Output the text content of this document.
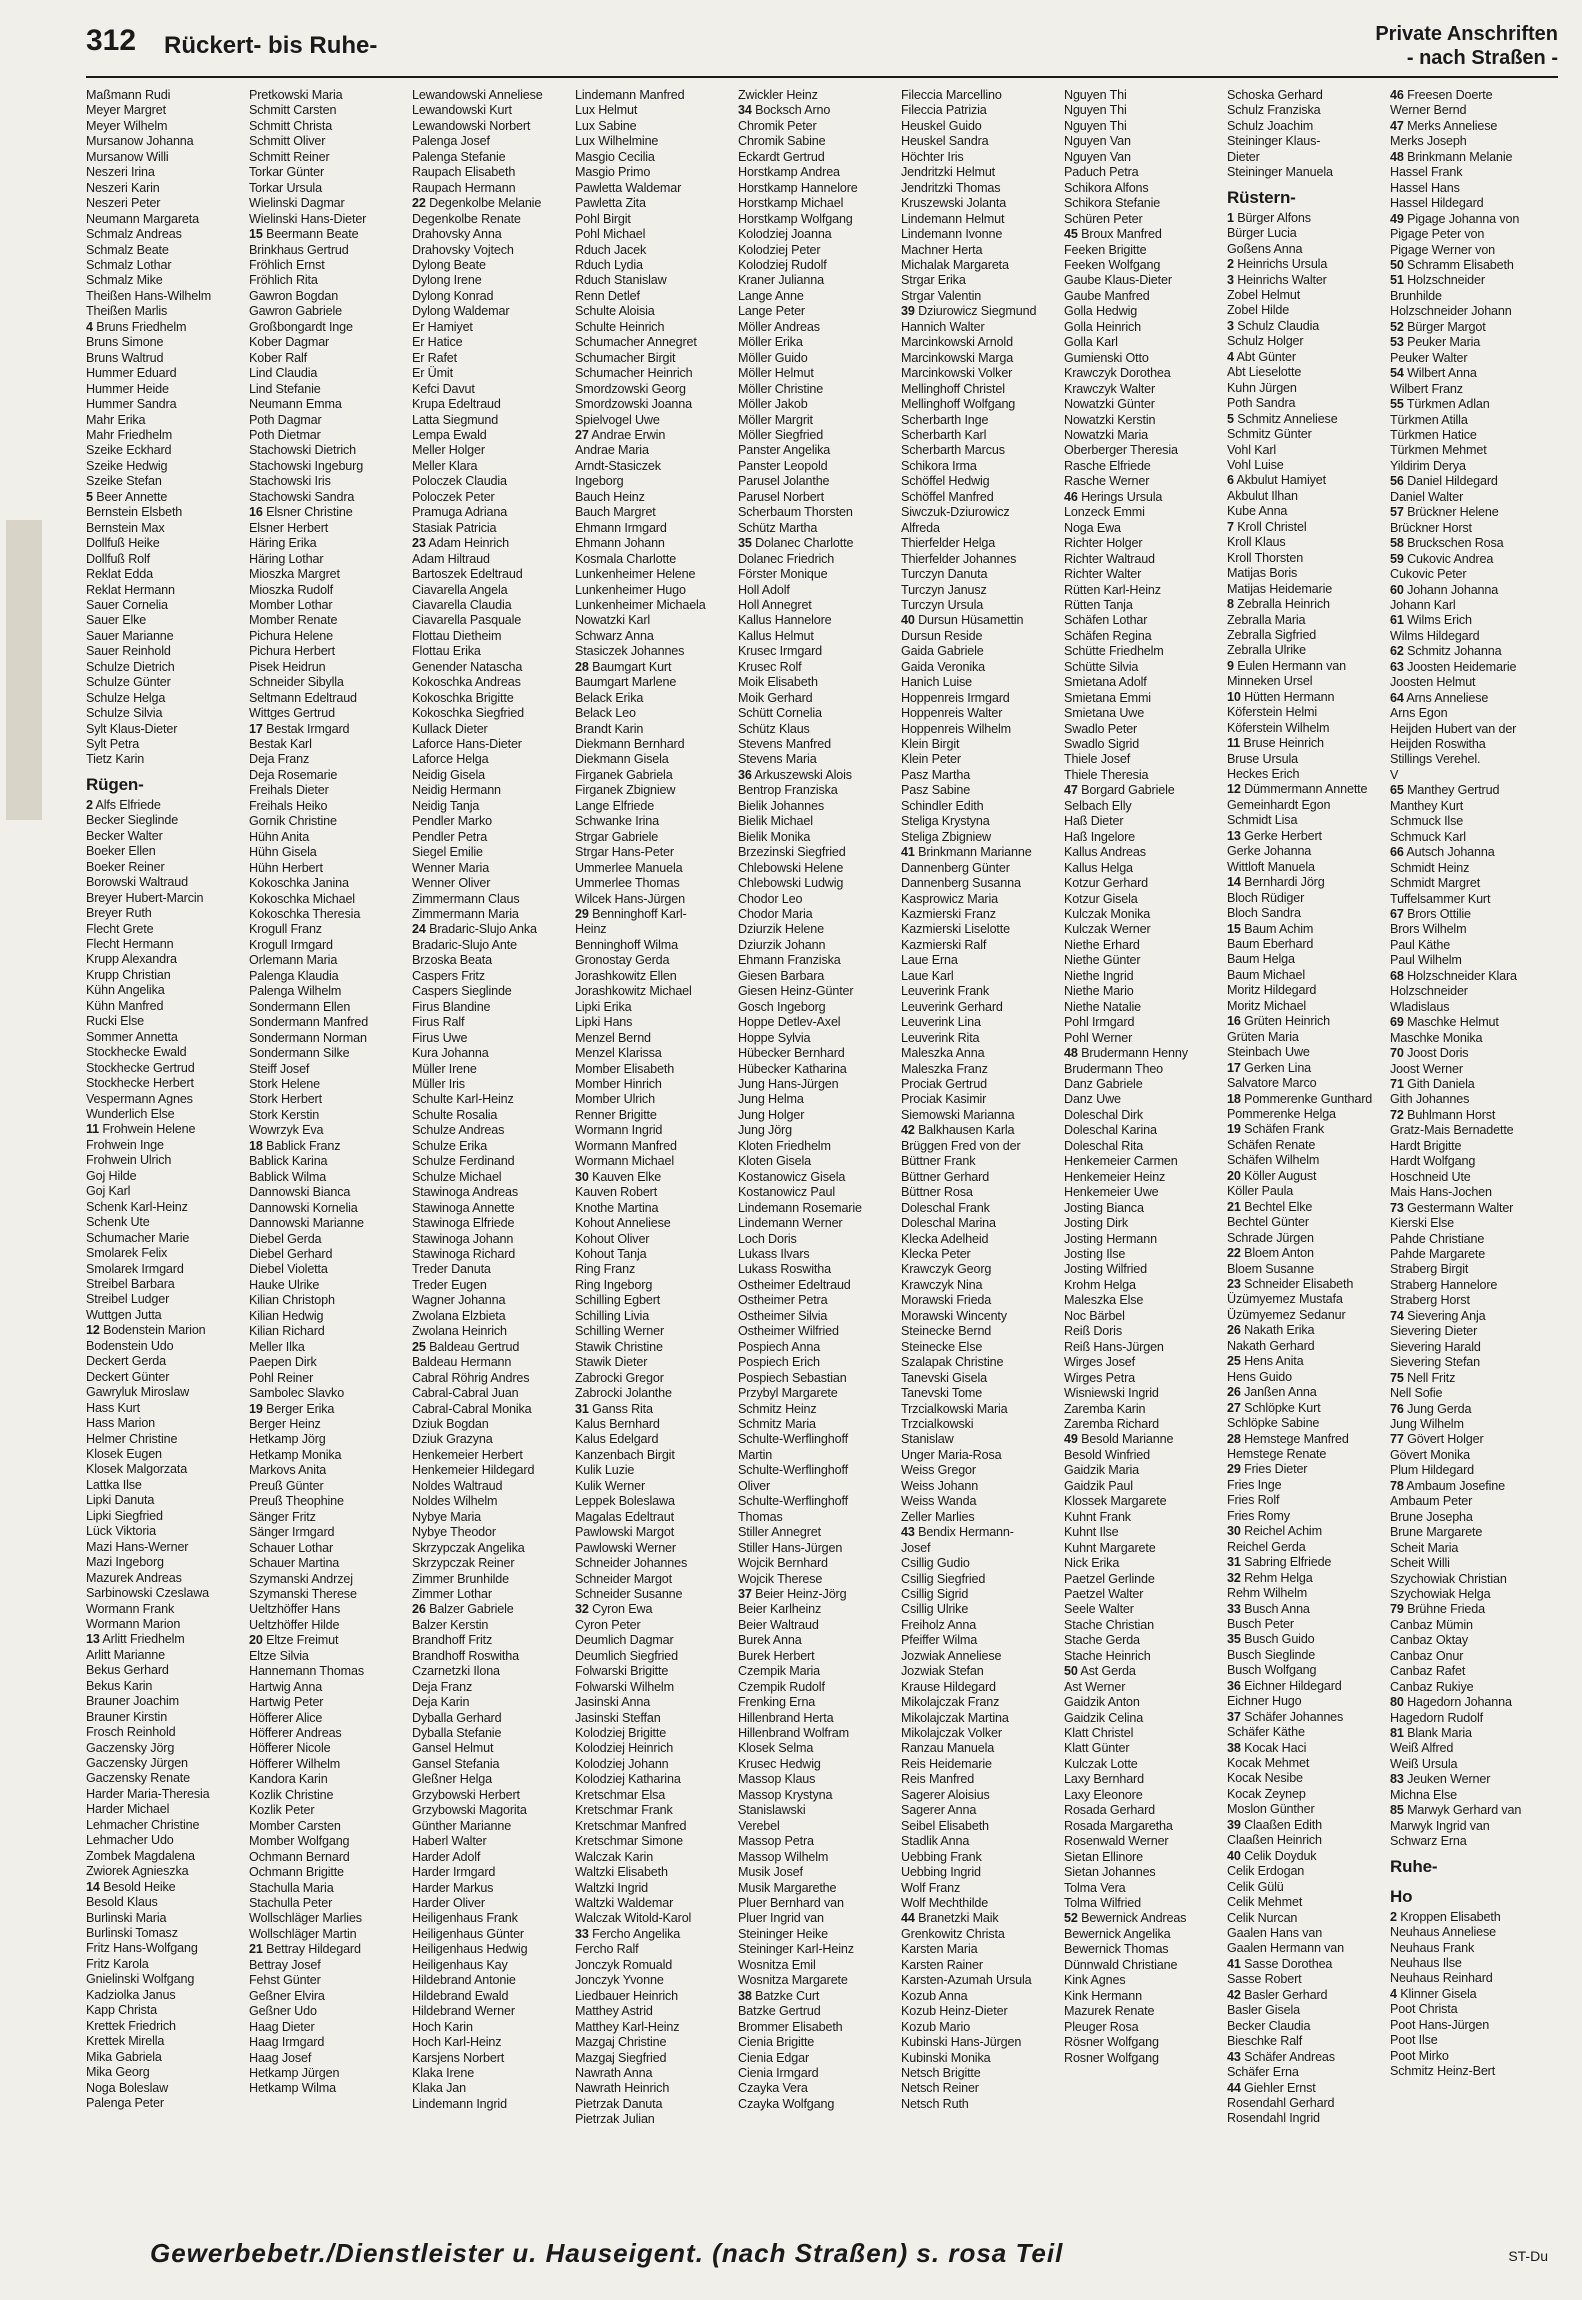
312 Rückert- bis Ruhe-	Private Anschriften
- nach Straßen -
Maßmann Rudi
Meyer Margret
Meyer Wilhelm
Mursanow Johanna
Mursanow Willi
Neszeri Irina
Neszeri Karin
Neszeri Peter
Neumann Margareta
Schmalz Andreas
Schmalz Beate
Schmalz Lothar
Schmalz Mike
Theißen Hans-Wilhelm
Theißen Marlis
4 Bruns Friedhelm
Bruns Simone
Bruns Waltrud
Hummer Eduard
Hummer Heide
Hummer Sandra
Mahr Erika
Mahr Friedhelm
Szeike Eckhard
Szeike Hedwig
Szeike Stefan
5 Beer Annette
Bernstein Elsbeth
Bernstein Max
Dollfuß Heike
Dollfuß Rolf
Reklat Edda
Reklat Hermann
Sauer Cornelia
Sauer Elke
Sauer Marianne
Sauer Reinhold
Schulze Dietrich
Schulze Günter
Schulze Helga
Schulze Silvia
Sylt Klaus-Dieter
Sylt Petra
Tietz Karin
Rügen-
2 Alfs Elfriede
Becker Sieglinde
Becker Walter
Boeker Ellen
Boeker Reiner
Borowski Waltraud
Breyer Hubert-Marcin
Breyer Ruth
Flecht Grete
Flecht Hermann
Krupp Alexandra
Krupp Christian
Kühn Angelika
Kühn Manfred
Rucki Else
Sommer Annetta
Stockhecke Ewald
Stockhecke Gertrud
Stockhecke Herbert
Vespermann Agnes
Wunderlich Else
11 Frohwein Helene
Frohwein Inge
Frohwein Ulrich
Goj Hilde
Goj Karl
Schenk Karl-Heinz
Schenk Ute
Schumacher Marie
Smolarek Felix
Smolarek Irmgard
Streibel Barbara
Streibel Ludger
Wuttgen Jutta
12 Bodenstein Marion
Bodenstein Udo
Deckert Gerda
Deckert Günter
Gawryluk Miroslaw
Hass Kurt
Hass Marion
Helmer Christine
Klosek Eugen
Klosek Malgorzata
Lattka Ilse
Lipki Danuta
Lipki Siegfried
Lück Viktoria
Mazi Hans-Werner
Mazi Ingeborg
Mazurek Andreas
Sarbinowski Czeslawa
Wormann Frank
Wormann Marion
13 Arlitt Friedhelm
Arlitt Marianne
Bekus Gerhard
Bekus Karin
Brauner Joachim
Brauner Kirstin
Frosch Reinhold
Gaczensky Jörg
Gaczensky Jürgen
Gaczensky Renate
Harder Maria-Theresia
Harder Michael
Lehmacher Christine
Lehmacher Udo
Zombek Magdalena
Zwiorek Agnieszka
14 Besold Heike
Besold Klaus
Burlinski Maria
Burlinski Tomasz
Fritz Hans-Wolfgang
Fritz Karola
Gnielinski Wolfgang
Kadziolka Janus
Kapp Christa
Krettek Friedrich
Krettek Mirella
Mika Gabriela
Mika Georg
Noga Boleslaw
Palenga Peter
Pretkowski Maria
Schmitt Carsten
Schmitt Christa
Schmitt Oliver
Schmitt Reiner
Torkar Günter
Torkar Ursula
Wielinski Dagmar
Wielinski Hans-Dieter
15 Beermann Beate
Brinkhaus Gertrud
Fröhlich Ernst
Fröhlich Rita
Gawron Bogdan
Gawron Gabriele
Großbongardt Inge
Kober Dagmar
Kober Ralf
Lind Claudia
Lind Stefanie
Neumann Emma
Poth Dagmar
Poth Dietmar
Stachowski Dietrich
Stachowski Ingeburg
Stachowski Iris
Stachowski Sandra
16 Elsner Christine
Elsner Herbert
Häring Erika
Häring Lothar
Mioszka Margret
Mioszka Rudolf
Momber Lothar
Momber Renate
Pichura Helene
Pichura Herbert
Pisek Heidrun
Schneider Sibylla
Seltmann Edeltraud
Wittges Gertrud
17 Bestak Irmgard
Bestak Karl
Deja Franz
Deja Rosemarie
Freihals Dieter
Freihals Heiko
Gornik Christine
Hühn Anita
Hühn Gisela
Hühn Herbert
Kokoschka Janina
Kokoschka Michael
Kokoschka Theresia
Krogull Franz
Krogull Irmgard
Orlemann Maria
Palenga Klaudia
Palenga Wilhelm
Sondermann Ellen
Sondermann Manfred
Sondermann Norman
Sondermann Silke
Steiff Josef
Stork Helene
Stork Herbert
Stork Kerstin
Wowrzyk Eva
18 Bablick Franz
Bablick Karina
Bablick Wilma
Dannowski Bianca
Dannowski Kornelia
Dannowski Marianne
Diebel Gerda
Diebel Gerhard
Diebel Violetta
Hauke Ulrike
Kilian Christoph
Kilian Hedwig
Kilian Richard
Meller Ilka
Paepen Dirk
Pohl Reiner
Sambolec Slavko
19 Berger Erika
Berger Heinz
Hetkamp Jörg
Hetkamp Monika
Markovs Anita
Preuß Günter
Preuß Theophine
Sänger Fritz
Sänger Irmgard
Schauer Lothar
Schauer Martina
Szymanski Andrzej
Szymanski Therese
Ueltzhöffer Hans
Ueltzhöffer Hilde
20 Eltze Freimut
Eltze Silvia
Hannemann Thomas
Hartwig Anna
Hartwig Peter
Höfferer Alice
Höfferer Andreas
Höfferer Nicole
Höfferer Wilhelm
Kandora Karin
Kozlik Christine
Kozlik Peter
Momber Carsten
Momber Wolfgang
Ochmann Bernard
Ochmann Brigitte
Stachulla Maria
Stachulla Peter
Wollschläger Marlies
Wollschläger Martin
21 Bettray Hildegard
Bettray Josef
Fehst Günter
Geßner Elvira
Geßner Udo
Haag Dieter
Haag Irmgard
Haag Josef
Hetkamp Jürgen
Hetkamp Wilma
Lewandowski Anneliese
Lewandowski Kurt
Lewandowski Norbert
Palenga Josef
Palenga Stefanie
Raupach Elisabeth
Raupach Hermann
22 Degenkolbe Melanie
Degenkolbe Renate
Drahovsky Anna
Drahovsky Vojtech
Dylong Beate
Dylong Irene
Dylong Konrad
Dylong Waldemar
Er Hamiyet
Er Hatice
Er Rafet
Er Ümit
Kefci Davut
Krupa Edeltraud
Latta Siegmund
Lempa Ewald
Meller Holger
Meller Klara
Poloczek Claudia
Poloczek Peter
Pramuga Adriana
Stasiak Patricia
23 Adam Heinrich
Adam Hiltraud
Bartoszek Edeltraud
Ciavarella Angela
Ciavarella Claudia
Ciavarella Pasquale
Flottau Dietheim
Flottau Erika
Genender Natascha
Kokoschka Andreas
Kokoschka Brigitte
Kokoschka Siegfried
Kullack Dieter
Laforce Hans-Dieter
Laforce Helga
Neidig Gisela
Neidig Hermann
Neidig Tanja
Pendler Marko
Pendler Petra
Siegel Emilie
Wenner Maria
Wenner Oliver
Zimmermann Claus
Zimmermann Maria
24 Bradaric-Slujo Anka
Bradaric-Slujo Ante
Brzoska Beata
Caspers Fritz
Caspers Sieglinde
Firus Blandine
Firus Ralf
Firus Uwe
Kura Johanna
Müller Irene
Müller Iris
Schulte Karl-Heinz
Schulte Rosalia
Schulze Andreas
Schulze Erika
Schulze Ferdinand
Schulze Michael
Stawinoga Andreas
Stawinoga Annette
Stawinoga Elfriede
Stawinoga Johann
Stawinoga Richard
Treder Danuta
Treder Eugen
Wagner Johanna
Zwolana Elzbieta
Zwolana Heinrich
25 Baldeau Gertrud
Baldeau Hermann
Cabral Röhrig Andres
Cabral-Cabral Juan
Cabral-Cabral Monika
Dziuk Bogdan
Dziuk Grazyna
Henkemeier Herbert
Henkemeier Hildegard
Noldes Waltraud
Noldes Wilhelm
Nybye Maria
Nybye Theodor
Skrzypczak Angelika
Skrzypczak Reiner
Zimmer Brunhilde
Zimmer Lothar
26 Balzer Gabriele
Balzer Kerstin
Brandhoff Fritz
Brandhoff Roswitha
Czarnetzki Ilona
Deja Franz
Deja Karin
Dyballa Gerhard
Dyballa Stefanie
Gansel Helmut
Gansel Stefania
Gleßner Helga
Grzybowski Herbert
Grzybowski Magorita
Günther Marianne
Haberl Walter
Harder Adolf
Harder Irmgard
Harder Markus
Harder Oliver
Heiligenhaus Frank
Heiligenhaus Günter
Heiligenhaus Hedwig
Heiligenhaus Kay
Hildebrand Antonie
Hildebrand Ewald
Hildebrand Werner
Hoch Karin
Hoch Karl-Heinz
Karsjens Norbert
Klaka Irene
Klaka Jan
Lindemann Ingrid
Lindemann Manfred
Lux Helmut
Lux Sabine
Lux Wilhelmine
Masgio Cecilia
Masgio Primo
Pawletta Waldemar
Pawletta Zita
Pohl Birgit
Pohl Michael
Rduch Jacek
Rduch Lydia
Rduch Stanislaw
Renn Detlef
Schulte Aloisia
Schulte Heinrich
Schumacher Annegret
Schumacher Birgit
Schumacher Heinrich
Smordzowski Georg
Smordzowski Joanna
Spielvogel Uwe
27 Andrae Erwin
Andrae Maria
Arndt-Stasiczek
Ingeborg
Bauch Heinz
Bauch Margret
Ehmann Irmgard
Ehmann Johann
Kosmala Charlotte
Lunkenheimer Helene
Lunkenheimer Hugo
Lunkenheimer Michaela
Nowatzki Karl
Schwarz Anna
Stasiczek Johannes
28 Baumgart Kurt
Baumgart Marlene
Belack Erika
Belack Leo
Brandt Karin
Diekmann Bernhard
Diekmann Gisela
Firganek Gabriela
Firganek Zbigniew
Lange Elfriede
Schwanke Irina
Strgar Gabriele
Strgar Hans-Peter
Ummerlee Manuela
Ummerlee Thomas
Wilcek Hans-Jürgen
29 Benninghoff Karl-
Heinz
Benninghoff Wilma
Gronostay Gerda
Jorashkowitz Ellen
Jorashkowitz Michael
Lipki Erika
Lipki Hans
Menzel Bernd
Menzel Klarissa
Momber Elisabeth
Momber Hinrich
Momber Ulrich
Renner Brigitte
Wormann Ingrid
Wormann Manfred
Wormann Michael
30 Kauven Elke
Kauven Robert
Knothe Martina
Kohout Anneliese
Kohout Oliver
Kohout Tanja
Ring Franz
Ring Ingeborg
Schilling Egbert
Schilling Livia
Schilling Werner
Stawik Christine
Stawik Dieter
Zabrocki Gregor
Zabrocki Jolanthe
31 Ganss Rita
Kalus Bernhard
Kalus Edelgard
Kanzenbach Birgit
Kulik Luzie
Kulik Werner
Leppek Boleslawa
Magalas Edeltraut
Pawlowski Margot
Pawlowski Werner
Schneider Johannes
Schneider Margot
Schneider Susanne
32 Cyron Ewa
Cyron Peter
Deumlich Dagmar
Deumlich Siegfried
Folwarski Brigitte
Folwarski Wilhelm
Jasinski Anna
Jasinski Steffan
Kolodziej Brigitte
Kolodziej Heinrich
Kolodziej Johann
Kolodziej Katharina
Kretschmar Elsa
Kretschmar Frank
Kretschmar Manfred
Kretschmar Simone
Walczak Karin
Waltzki Elisabeth
Waltzki Ingrid
Waltzki Waldemar
Walczak Witold-Karol
33 Fercho Angelika
Fercho Ralf
Jonczyk Romuald
Jonczyk Yvonne
Liedbauer Heinrich
Matthey Astrid
Matthey Karl-Heinz
Mazgaj Christine
Mazgaj Siegfried
Nawrath Anna
Nawrath Heinrich
Pietrzak Danuta
Pietrzak Julian
Zwickler Heinz
34 Bocksch Arno
Chromik Peter
Chromik Sabine
Eckardt Gertrud
Horstkamp Andrea
Horstkamp Hannelore
Horstkamp Michael
Horstkamp Wolfgang
Kolodziej Joanna
Kolodziej Peter
Kolodziej Rudolf
Kraner Julianna
Lange Anne
Lange Peter
Möller Andreas
Möller Erika
Möller Guido
Möller Helmut
Möller Christine
Möller Jakob
Möller Margrit
Möller Siegfried
Panster Angelika
Panster Leopold
Parusel Jolanthe
Parusel Norbert
Scherbaum Thorsten
Schütz Martha
35 Dolanec Charlotte
Dolanec Friedrich
Förster Monique
Holl Adolf
Holl Annegret
Kallus Hannelore
Kallus Helmut
Krusec Irmgard
Krusec Rolf
Moik Elisabeth
Moik Gerhard
Schütt Cornelia
Schütz Klaus
Stevens Manfred
Stevens Maria
36 Arkuszewski Alois
Bentrop Franziska
Bielik Johannes
Bielik Michael
Bielik Monika
Brzezinski Siegfried
Chlebowski Helene
Chlebowski Ludwig
Chodor Leo
Chodor Maria
Dziurzik Helene
Dziurzik Johann
Ehmann Franziska
Giesen Barbara
Giesen Heinz-Günter
Gosch Ingeborg
Hoppe Detlev-Axel
Hoppe Sylvia
Hübecker Bernhard
Hübecker Katharina
Jung Hans-Jürgen
Jung Helma
Jung Holger
Jung Jörg
Kloten Friedhelm
Kloten Gisela
Kostanowicz Gisela
Kostanowicz Paul
Lindemann Rosemarie
Lindemann Werner
Loch Doris
Lukass Ilvars
Lukass Roswitha
Ostheimer Edeltraud
Ostheimer Petra
Ostheimer Silvia
Ostheimer Wilfried
Pospiech Anna
Pospiech Erich
Pospiech Sebastian
Przybyl Margarete
Schmitz Heinz
Schmitz Maria
Schulte-Werflinghoff
Martin
Schulte-Werflinghoff
Oliver
Schulte-Werflinghoff
Thomas
Stiller Annegret
Stiller Hans-Jürgen
Wojcik Bernhard
Wojcik Therese
37 Beier Heinz-Jörg
Beier Karlheinz
Beier Waltraud
Burek Anna
Burek Herbert
Czempik Maria
Czempik Rudolf
Frenking Erna
Hillenbrand Herta
Hillenbrand Wolfram
Klosek Selma
Krusec Hedwig
Massop Klaus
Massop Krystyna
Stanislawski
Verebel
Massop Petra
Massop Wilhelm
Musik Josef
Musik Margarethe
Pluer Bernhard van
Pluer Ingrid van
Steininger Heike
Steininger Karl-Heinz
Wosnitza Emil
Wosnitza Margarete
38 Batzke Curt
Batzke Gertrud
Brommer Elisabeth
Cienia Brigitte
Cienia Edgar
Cienia Irmgard
Czayka Vera
Czayka Wolfgang
Fileccia Marcellino
Fileccia Patrizia
Heuskel Guido
Heuskel Sandra
Höchter Iris
Jendritzki Helmut
Jendritzki Thomas
Kruszewski Jolanta
Lindemann Helmut
Lindemann Ivonne
Machner Herta
Michalak Margareta
Strgar Erika
Strgar Valentin
39 Dziurowicz Siegmund
Hannich Walter
Marcinkowski Arnold
Marcinkowski Marga
Marcinkowski Volker
Mellinghoff Christel
Mellinghoff Wolfgang
Scherbarth Inge
Scherbarth Karl
Scherbarth Marcus
Schikora Irma
Schöffel Hedwig
Schöffel Manfred
Siwczuk-Dziurowicz
Alfreda
Thierfelder Helga
Thierfelder Johannes
Turczyn Danuta
Turczyn Janusz
Turczyn Ursula
40 Dursun Hüsamettin
Dursun Reside
Gaida Gabriele
Gaida Veronika
Hanich Luise
Hoppenreis Irmgard
Hoppenreis Walter
Hoppenreis Wilhelm
Klein Birgit
Klein Peter
Pasz Martha
Pasz Sabine
Schindler Edith
Steliga Krystyna
Steliga Zbigniew
41 Brinkmann Marianne
Dannenberg Günter
Dannenberg Susanna
Kasprowicz Maria
Kazmierski Franz
Kazmierski Liselotte
Kazmierski Ralf
Laue Erna
Laue Karl
Leuverink Frank
Leuverink Gerhard
Leuverink Lina
Leuverink Rita
Maleszka Anna
Maleszka Franz
Prociak Gertrud
Prociak Kasimir
Siemowski Marianna
42 Balkhausen Karla
Brüggen Fred von der
Büttner Frank
Büttner Gerhard
Büttner Rosa
Doleschal Frank
Doleschal Marina
Klecka Adelheid
Klecka Peter
Krawczyk Georg
Krawczyk Nina
Morawski Frieda
Morawski Wincenty
Steinecke Bernd
Steinecke Else
Szalapak Christine
Tanevski Gisela
Tanevski Tome
Trzcialkowski Maria
Trzcialkowski
Stanislaw
Unger Maria-Rosa
Weiss Gregor
Weiss Johann
Weiss Wanda
Zeller Marlies
43 Bendix Hermann-
Josef
Csillig Gudio
Csillig Siegfried
Csillig Sigrid
Csillig Ulrike
Freiholz Anna
Pfeiffer Wilma
Jozwiak Anneliese
Jozwiak Stefan
Krause Hildegard
Mikolajczak Franz
Mikolajczak Martina
Mikolajczak Volker
Ranzau Manuela
Reis Heidemarie
Reis Manfred
Sagerer Aloisius
Sagerer Anna
Seibel Elisabeth
Stadlik Anna
Uebbing Frank
Uebbing Ingrid
Wolf Franz
Wolf Mechthilde
44 Branetzki Maik
Grenkowitz Christa
Karsten Maria
Karsten Rainer
Karsten-Azumah Ursula
Kozub Anna
Kozub Heinz-Dieter
Kozub Mario
Kubinski Hans-Jürgen
Kubinski Monika
Netsch Brigitte
Netsch Reiner
Netsch Ruth
Nguyen Thi
Nguyen Thi
Nguyen Thi
Nguyen Van
Nguyen Van
Paduch Petra
Schikora Alfons
Schikora Stefanie
Schüren Peter
45 Broux Manfred
Feeken Brigitte
Feeken Wolfgang
Gaube Klaus-Dieter
Gaube Manfred
Golla Hedwig
Golla Heinrich
Golla Karl
Gumienski Otto
Krawczyk Dorothea
Krawczyk Walter
Nowatzki Günter
Nowatzki Kerstin
Nowatzki Maria
Oberberger Theresia
Rasche Elfriede
Rasche Werner
46 Herings Ursula
Lonzeck Emmi
Noga Ewa
Richter Holger
Richter Waltraud
Richter Walter
Rütten Karl-Heinz
Rütten Tanja
Schäfen Lothar
Schäfen Regina
Schütte Friedhelm
Schütte Silvia
Smietana Adolf
Smietana Emmi
Smietana Uwe
Swadlo Peter
Swadlo Sigrid
Thiele Josef
Thiele Theresia
47 Borgard Gabriele
Selbach Elly
Haß Dieter
Haß Ingelore
Kallus Andreas
Kallus Helga
Kotzur Gerhard
Kotzur Gisela
Kulczak Monika
Kulczak Werner
Niethe Erhard
Niethe Günter
Niethe Ingrid
Niethe Mario
Niethe Natalie
Pohl Irmgard
Pohl Werner
48 Brudermann Henny
Brudermann Theo
Danz Gabriele
Danz Uwe
Doleschal Dirk
Doleschal Karina
Doleschal Rita
Henkemeier Carmen
Henkemeier Heinz
Henkemeier Uwe
Josting Bianca
Josting Dirk
Josting Hermann
Josting Ilse
Josting Wilfried
Krohm Helga
Maleszka Else
Noc Bärbel
Reiß Doris
Reiß Hans-Jürgen
Wirges Josef
Wirges Petra
Wisniewski Ingrid
Zaremba Karin
Zaremba Richard
49 Besold Marianne
Besold Winfried
Gaidzik Maria
Gaidzik Paul
Klossek Margarete
Kuhnt Frank
Kuhnt Ilse
Kuhnt Margarete
Nick Erika
Paetzel Gerlinde
Paetzel Walter
Seele Walter
Stache Christian
Stache Gerda
Stache Heinrich
50 Ast Gerda
Ast Werner
Gaidzik Anton
Gaidzik Celina
Klatt Christel
Klatt Günter
Kulczak Lotte
Laxy Bernhard
Laxy Eleonore
Rosada Gerhard
Rosada Margaretha
Rosenwald Werner
Sietan Ellinore
Sietan Johannes
Tolma Vera
Tolma Wilfried
52 Bewernick Andreas
Bewernick Angelika
Bewernick Thomas
Dünnwald Christiane
Kink Agnes
Kink Hermann
Mazurek Renate
Pleuger Rosa
Rösner Wolfgang
Rosner Wolfgang
Schoska Gerhard
Schulz Franziska
Schulz Joachim
Steininger Klaus-
Dieter
Steininger Manuela
Rüstern-
1 Bürger Alfons
Bürger Lucia
Goßens Anna
2 Heinrichs Ursula
3 Heinrichs Walter
Zobel Helmut
Zobel Hilde
3 Schulz Claudia
Schulz Holger
4 Abt Günter
Abt Lieselotte
Kuhn Jürgen
Poth Sandra
5 Schmitz Anneliese
Schmitz Günter
Vohl Karl
Vohl Luise
6 Akbulut Hamiyet
Akbulut Ilhan
Kube Anna
7 Kroll Christel
Kroll Klaus
Kroll Thorsten
Matijas Boris
Matijas Heidemarie
8 Zebralla Heinrich
Zebralla Maria
Zebralla Sigfried
Zebralla Ulrike
9 Eulen Hermann van
Minneken Ursel
10 Hütten Hermann
Köferstein Helmi
Köferstein Wilhelm
11 Bruse Heinrich
Bruse Ursula
Heckes Erich
12 Dümmermann Annette
Gemeinhardt Egon
Schmidt Lisa
13 Gerke Herbert
Gerke Johanna
Wittloft Manuela
14 Bernhardi Jörg
Bloch Rüdiger
Bloch Sandra
15 Baum Achim
Baum Eberhard
Baum Helga
Baum Michael
Moritz Hildegard
Moritz Michael
16 Grüten Heinrich
Grüten Maria
Steinbach Uwe
17 Gerken Lina
Salvatore Marco
18 Pommerenke Gunthard
Pommerenke Helga
19 Schäfen Frank
Schäfen Renate
Schäfen Wilhelm
20 Köller August
Köller Paula
21 Bechtel Elke
Bechtel Günter
Schrade Jürgen
22 Bloem Anton
Bloem Susanne
23 Schneider Elisabeth
Üzümyemez Mustafa
Üzümyemez Sedanur
26 Nakath Erika
Nakath Gerhard
25 Hens Anita
Hens Guido
26 Janßen Anna
27 Schlöpke Kurt
Schlöpke Sabine
28 Hemstege Manfred
Hemstege Renate
29 Fries Dieter
Fries Inge
Fries Rolf
Fries Romy
30 Reichel Achim
Reichel Gerda
31 Sabring Elfriede
32 Rehm Helga
Rehm Wilhelm
33 Busch Anna
Busch Peter
35 Busch Guido
Busch Sieglinde
Busch Wolfgang
36 Eichner Hildegard
Eichner Hugo
37 Schäfer Johannes
Schäfer Käthe
38 Kocak Haci
Kocak Mehmet
Kocak Nesibe
Kocak Zeynep
Moslon Günther
39 Claaßen Edith
Claaßen Heinrich
40 Celik Doyduk
Celik Erdogan
Celik Gülü
Celik Mehmet
Celik Nurcan
Gaalen Hans van
Gaalen Hermann van
41 Sasse Dorothea
Sasse Robert
42 Basler Gerhard
Basler Gisela
Becker Claudia
Bieschke Ralf
43 Schäfer Andreas
Schäfer Erna
44 Giehler Ernst
Rosendahl Gerhard
Rosendahl Ingrid
46 Freesen Doerte
Werner Bernd
47 Merks Anneliese
Merks Joseph
48 Brinkmann Melanie
Hassel Frank
Hassel Hans
Hassel Hildegard
49 Pigage Johanna von
Pigage Peter von
Pigage Werner von
50 Schramm Elisabeth
51 Holzschneider
Brunhilde
Holzschneider Johann
52 Bürger Margot
53 Peuker Maria
Peuker Walter
54 Wilbert Anna
Wilbert Franz
55 Türkmen Adlan
Türkmen Atilla
Türkmen Hatice
Türkmen Mehmet
Yildirim Derya
56 Daniel Hildegard
Daniel Walter
57 Brückner Helene
Brückner Horst
58 Bruckschen Rosa
59 Cukovic Andrea
Cukovic Peter
60 Johann Johanna
Johann Karl
61 Wilms Erich
Wilms Hildegard
62 Schmitz Johanna
63 Joosten Heidemarie
Joosten Helmut
64 Arns Anneliese
Arns Egon
Heijden Hubert van der
Heijden Roswitha
Stillings Verehel.
V
65 Manthey Gertrud
Manthey Kurt
Schmuck Ilse
Schmuck Karl
66 Autsch Johanna
Schmidt Heinz
Schmidt Margret
Tuffelsammer Kurt
67 Brors Ottilie
Brors Wilhelm
Paul Käthe
Paul Wilhelm
68 Holzschneider Klara
Holzschneider
Wladislaus
69 Maschke Helmut
Maschke Monika
70 Joost Doris
Joost Werner
71 Gith Daniela
Gith Johannes
72 Buhlmann Horst
Gratz-Mais Bernadette
Hardt Brigitte
Hardt Wolfgang
Hoschneid Ute
Mais Hans-Jochen
73 Gestermann Walter
Kierski Else
Pahde Christiane
Pahde Margarete
Straberg Birgit
Straberg Hannelore
Straberg Horst
74 Sievering Anja
Sievering Dieter
Sievering Harald
Sievering Stefan
75 Nell Fritz
Nell Sofie
76 Jung Gerda
Jung Wilhelm
77 Gövert Holger
Gövert Monika
Plum Hildegard
78 Ambaum Josefine
Ambaum Peter
Brune Josepha
Brune Margarete
Scheit Maria
Scheit Willi
Szychowiak Christian
Szychowiak Helga
79 Brühne Frieda
Canbaz Mümin
Canbaz Oktay
Canbaz Onur
Canbaz Rafet
Canbaz Rukiye
80 Hagedorn Johanna
Hagedorn Rudolf
81 Blank Maria
Weiß Alfred
Weiß Ursula
83 Jeuken Werner
Michna Else
85 Marwyk Gerhard van
Marwyk Ingrid van
Schwarz Erna
Ruhe-
Ho
2 Kroppen Elisabeth
Neuhaus Anneliese
Neuhaus Frank
Neuhaus Ilse
Neuhaus Reinhard
4 Klinner Gisela
Poot Christa
Poot Hans-Jürgen
Poot Ilse
Poot Mirko
Schmitz Heinz-Bert
Gewerbebetr./Dienstleister u. Hauseigent. (nach Straßen) s. rosa Teil	ST-Du
